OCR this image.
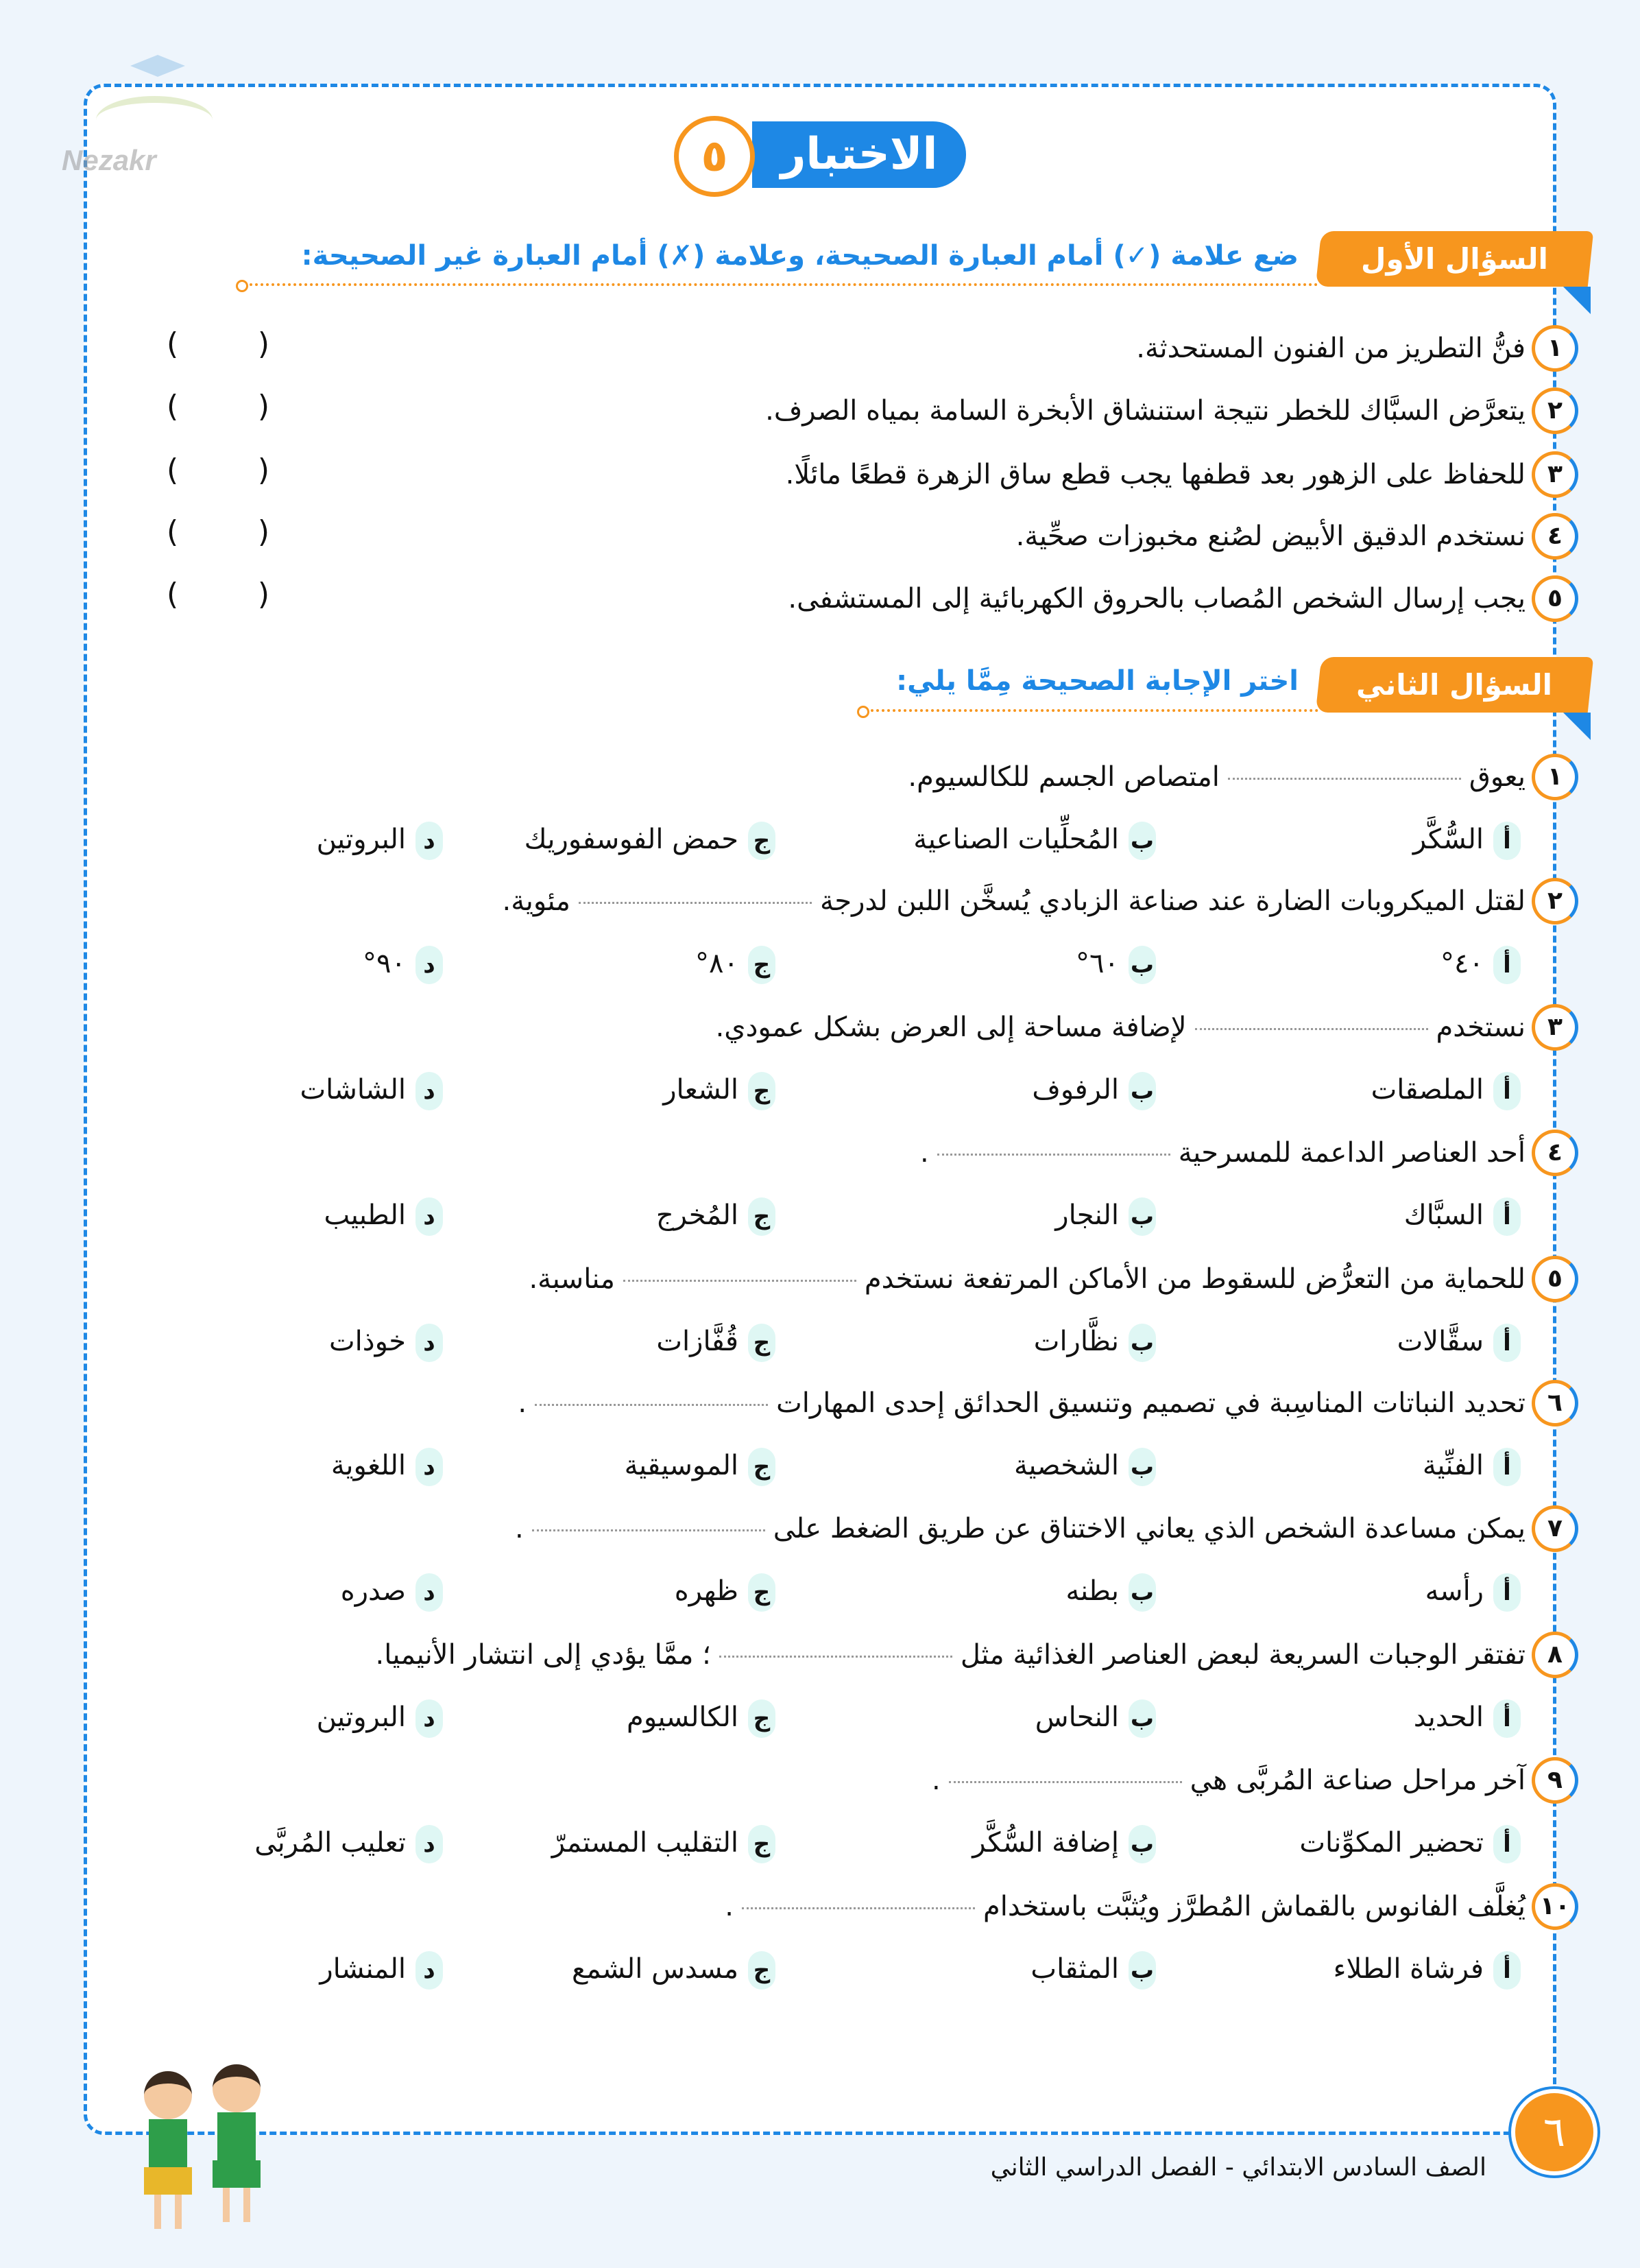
Nezakr	الاختبار
٥
السؤال الأول
ضع علامة (✓) أمام العبارة الصحيحة، وعلامة (✗) أمام العبارة غير الصحيحة:
١
فنُّ التطريز من الفنون المستحدثة.
(	)
٢
يتعرَّض السبَّاك للخطر نتيجة استنشاق الأبخرة السامة بمياه الصرف.
(	)
٣
للحفاظ على الزهور بعد قطفها يجب قطع ساق الزهرة قطعًا مائلًا.
(	)
٤
نستخدم الدقيق الأبيض لصُنع مخبوزات صحِّية.
(	)
٥
يجب إرسال الشخص المُصاب بالحروق الكهربائية إلى المستشفى.
(	)
السؤال الثاني
اختر الإجابة الصحيحة مِمَّا يلي:
١
يعوقامتصاص الجسم للكالسيوم.
أالسُّكَّر
بالمُحلِّيات الصناعية
جحمض الفوسفوريك
دالبروتين
٢
لقتل الميكروبات الضارة عند صناعة الزبادي يُسخَّن اللبن لدرجةمئوية.
أ٤٠°
ب٦٠°
ج٨٠°
د٩٠°
٣
نستخدملإضافة مساحة إلى العرض بشكل عمودي.
أالملصقات
بالرفوف
جالشعار
دالشاشات
٤
أحد العناصر الداعمة للمسرحية.
أالسبَّاك
بالنجار
جالمُخرج
دالطبيب
٥
للحماية من التعرُّض للسقوط من الأماكن المرتفعة نستخدممناسبة.
أسقَّالات
بنظَّارات
جقُفَّازات
دخوذات
٦
تحديد النباتات المناسِبة في تصميم وتنسيق الحدائق إحدى المهارات.
أالفنِّية
بالشخصية
جالموسيقية
داللغوية
٧
يمكن مساعدة الشخص الذي يعاني الاختناق عن طريق الضغط على.
أرأسه
ببطنه
جظهره
دصدره
٨
تفتقر الوجبات السريعة لبعض العناصر الغذائية مثل؛ ممَّا يؤدي إلى انتشار الأنيميا.
أالحديد
بالنحاس
جالكالسيوم
دالبروتين
٩
آخر مراحل صناعة المُربَّى هي.
أتحضير المكوِّنات
بإضافة السُّكَّر
جالتقليب المستمرّ
دتعليب المُربَّى
١٠
يُغلَّف الفانوس بالقماش المُطرَّز ويُثبَّت باستخدام.
أفرشاة الطلاء
بالمثقاب
جمسدس الشمع
دالمنشار
٦
الصف السادس الابتدائي - الفصل الدراسي الثاني
